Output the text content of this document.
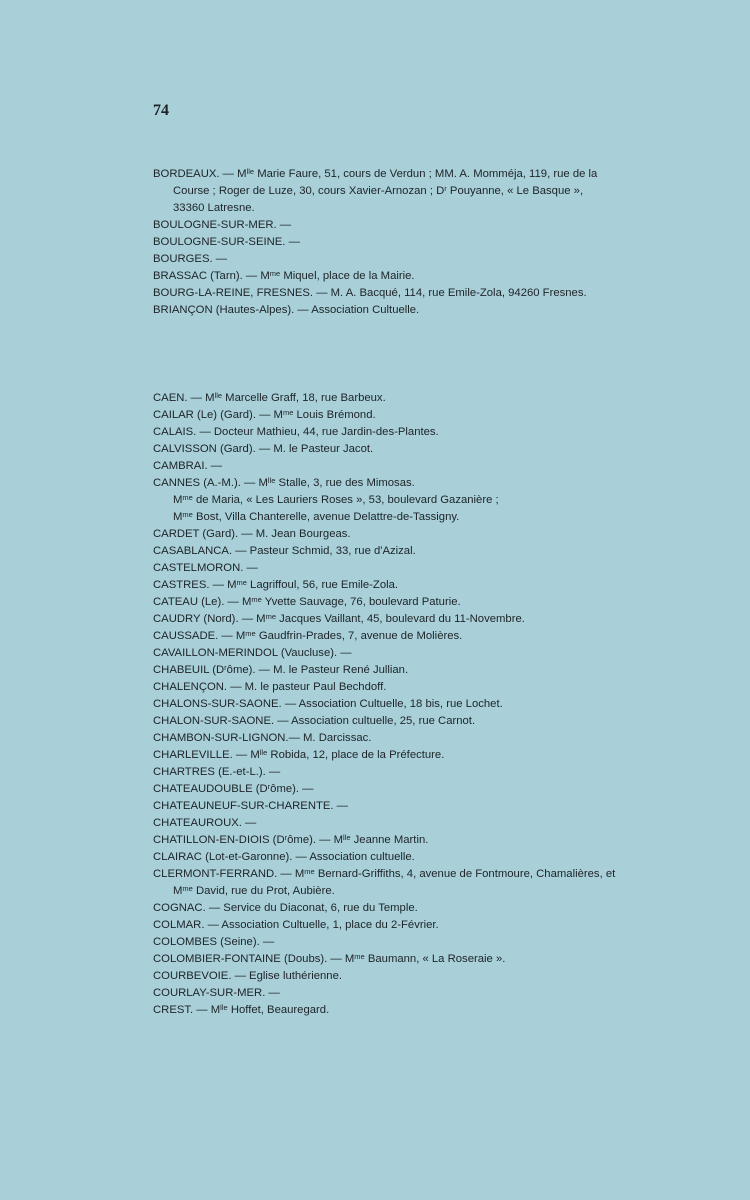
74

BORDEAUX. — $M^{lle}$ Marie Faure, 51, cours de Verdun ; MM. A. Momméja, 119, rue de la
Course ; Roger de Luze, 30, cours Xavier-Arnozan ; $D^r$ Pouyanne, « Le Basque »,
33360 Latresne.

BOULOGNE-SUR-MER. —

BOULOGNE-SUR-SEINE. —

BOURGES. —

BRASSAC (Tarn). — $M^{me}$ Miquel, place de la Mairie.

BOURG-LA-REINE, FRESNES. — M. A. Bacqué, 114, rue Emile-Zola, 94260 Fresnes.

BRIANÇON (Hautes-Alpes). — Association Cultuelle.

CAEN. — $M^{lle}$ Marcelle Graff, 18, rue Barbeux.

CAILAR (Le) (Gard). — $M^{me}$ Louis Brémond.

CALAIS. — Docteur Mathieu, 44, rue Jardin-des-Plantes.

CALVISSON (Gard). — M. le Pasteur Jacot.

CAMBRAI. —

CANNES (A.-M.). — $M^{lle}$ Stalle, 3, rue des Mimosas.
$M^{me}$ de Maria, « Les Lauriers Roses », 53, boulevard Gazanière ;
$M^{me}$ Bost, Villa Chanterelle, avenue Delattre-de-Tassigny.

CARDET (Gard). — M. Jean Bourgeas.

CASABLANCA. — Pasteur Schmid, 33, rue d'Azizal.

CASTELMORON. —

CASTRES. — $M^{me}$ Lagriffoul, 56, rue Emile-Zola.

CATEAU (Le). — $M^{me}$ Yvette Sauvage, 76, boulevard Paturie.

CAUDRY (Nord). — $M^{me}$ Jacques Vaillant, 45, boulevard du 11-Novembre.

CAUSSADE. — $M^{me}$ Gaudfrin-Prades, 7, avenue de Molières.

CAVAILLON-MERINDOL (Vaucluse). —

CHABEUIL $(D^rôme)$. — M. le Pasteur René Jullian.

CHALENÇON. — M. le pasteur Paul Bechdoff.

CHALONS-SUR-SAONE. — Association Cultuelle, 18 bis, rue Lochet.

CHALON-SUR-SAONE. — Association cultuelle, 25, rue Carnot.

CHAMBON-SUR-LIGNON.— M. Darcissac.

CHARLEVILLE. — $M^{lle}$ Robida, 12, place de la Préfecture.

CHARTRES (E.-et-L.). —

CHATEAUDOUBLE $(D^rôme)$. —

CHATEAUNEUF-SUR-CHARENTE. —

CHATEAUROUX. —

CHATILLON-EN-DIOIS $(D^rôme)$. — $M^{lle}$ Jeanne Martin.

CLAIRAC (Lot-et-Garonne). — Association cultuelle.

CLERMONT-FERRAND. — $M^{me}$ Bernard-Griffiths, 4, avenue de Fontmoure, Chamalières, et
$M^{me}$ David, rue du Prot, Aubière.

COGNAC. — Service du Diaconat, 6, rue du Temple.

COLMAR. — Association Cultuelle, 1, place du 2-Février.

COLOMBES (Seine). —

COLOMBIER-FONTAINE (Doubs). — $M^{me}$ Baumann, « La Roseraie ».

COURBEVOIE. — Eglise luthérienne.

COURLAY-SUR-MER. —

CREST. — $M^{lle}$ Hoffet, Beauregard.
